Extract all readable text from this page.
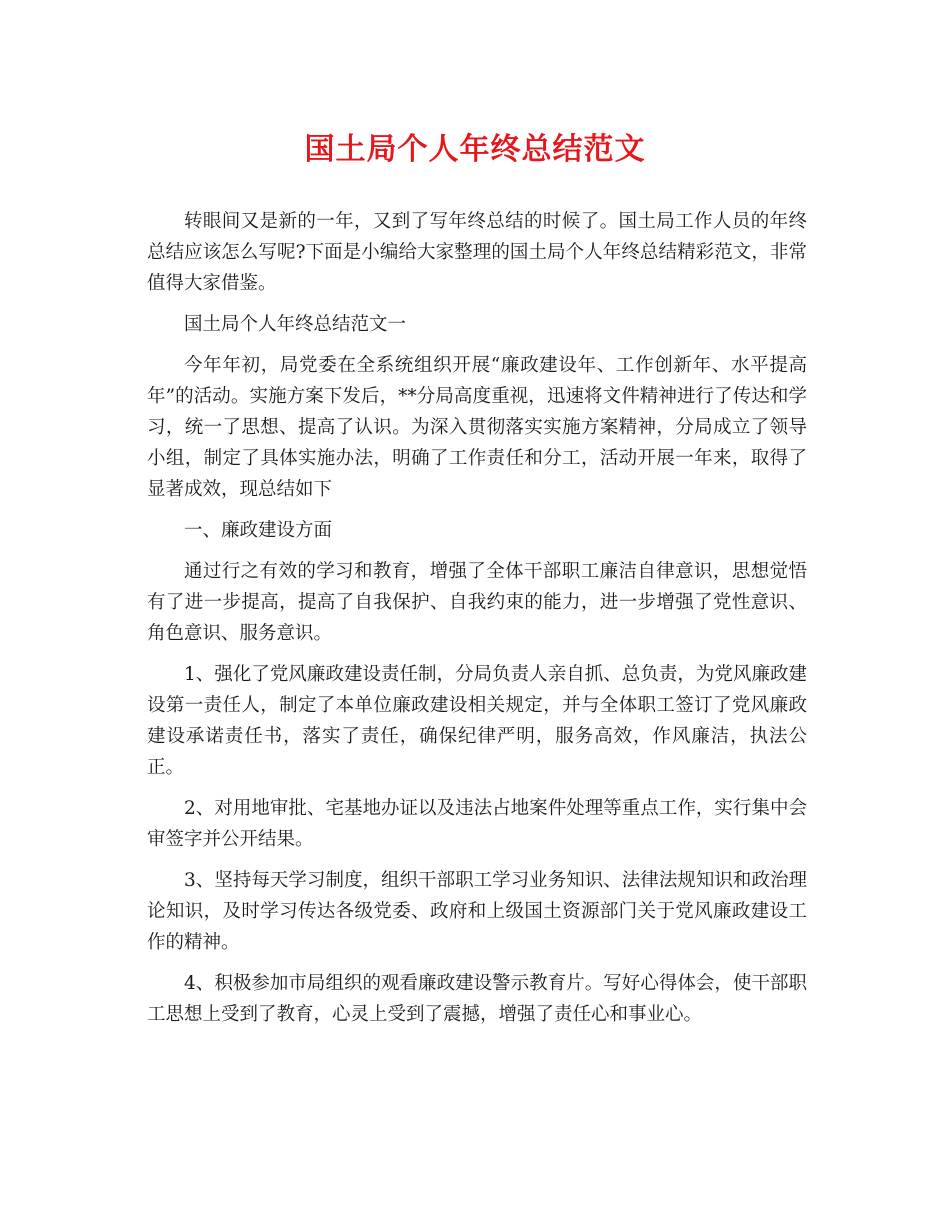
国土局个人年终总结范文

转眼间又是新的一年，又到了写年终总结的时候了。国土局工作人员的年终总结应该怎么写呢?下面是小编给大家整理的国土局个人年终总结精彩范文，非常值得大家借鉴。

国土局个人年终总结范文一

今年年初，局党委在全系统组织开展“廉政建设年、工作创新年、水平提高年”的活动。实施方案下发后，**分局高度重视，迅速将文件精神进行了传达和学习，统一了思想、提高了认识。为深入贯彻落实实施方案精神，分局成立了领导小组，制定了具体实施办法，明确了工作责任和分工，活动开展一年来，取得了显著成效，现总结如下

一、廉政建设方面

通过行之有效的学习和教育，增强了全体干部职工廉洁自律意识，思想觉悟有了进一步提高，提高了自我保护、自我约束的能力，进一步增强了党性意识、角色意识、服务意识。

1、强化了党风廉政建设责任制，分局负责人亲自抓、总负责，为党风廉政建设第一责任人，制定了本单位廉政建设相关规定，并与全体职工签订了党风廉政建设承诺责任书，落实了责任，确保纪律严明，服务高效，作风廉洁，执法公正。

2、对用地审批、宅基地办证以及违法占地案件处理等重点工作，实行集中会审签字并公开结果。

3、坚持每天学习制度，组织干部职工学习业务知识、法律法规知识和政治理论知识，及时学习传达各级党委、政府和上级国土资源部门关于党风廉政建设工作的精神。

4、积极参加市局组织的观看廉政建设警示教育片。写好心得体会，使干部职工思想上受到了教育，心灵上受到了震撼，增强了责任心和事业心。
